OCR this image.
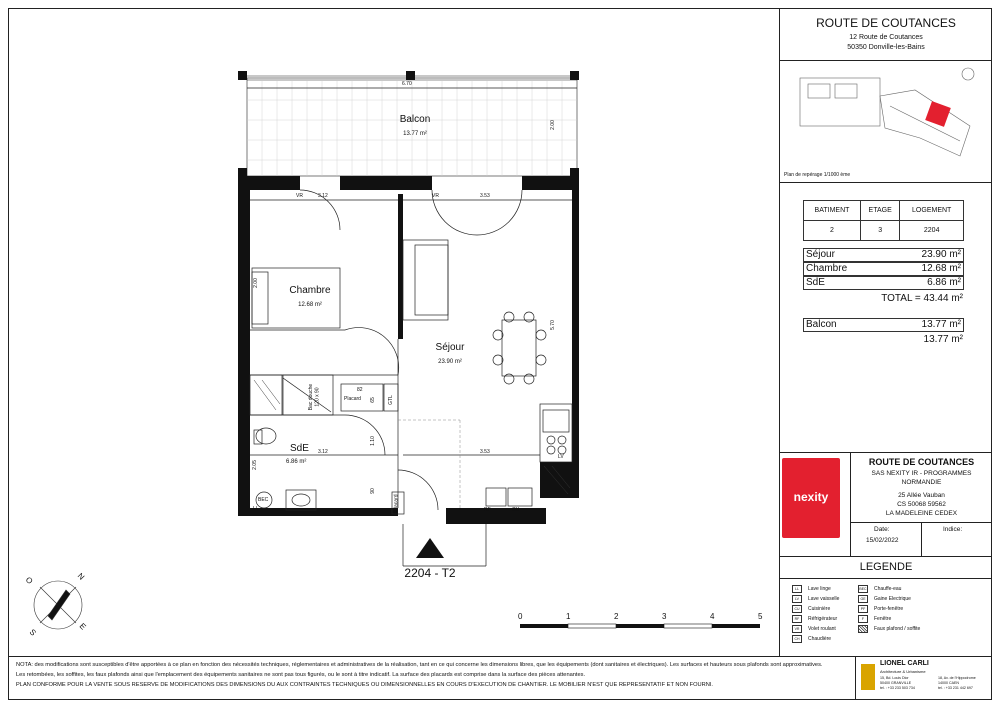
6.70
2.00
Balcon
13.77 m²
PF 1m x 2.2m	PF 2m x 2.2m
VR	VR
3.12	3.53
Chambre
12.68 m²
Séjour
23.90 m²
5.70
Placard
82
65 GTL
Bac douche 120 x 90
3.12	3.53
1.10
2.05
2.00
SdE
6.86 m²
90
Placard
LV
RF	CU
BEC
LL
2204 - T2
0	1	2	3	4	5
N
E
S
O
ROUTE DE COUTANCES
12 Route de Coutances
50350 Donville-les-Bains
Plan de repérage 1/1000 ème
BATIMENT	ETAGE	LOGEMENT
2	3	2204
Séjour	23.90 m²
Chambre	12.68 m²
SdE	6.86 m²
TOTAL = 43.44 m²
Balcon	13.77 m²
13.77 m²
nexity
ROUTE DE COUTANCES
SAS NEXITY IR - PROGRAMMES
NORMANDIE
25 Allée Vauban
CS 50068 59562
LA MADELEINE CEDEX
Date:
15/02/2022
Indice:
LEGENDE
LL	Lave linge
LV	Lave vaisselle
CU	Cuisinière
RF	Réfrigérateur
VR	Volet roulant
CH	Chaudière
BEC Chauffe-eau
GE	Gaine Electrique
PF	Porte-fenêtre
F	Fenêtre
Faux plafond / soffite
NOTA: des modifications sont susceptibles d'être apportées à ce plan en fonction des nécessités techniques, réglementaires et administratives de la réalisation, tant en ce qui concerne les dimensions libres, que les équipements (dont sanitaires et électriques). Les surfaces et hauteurs sous plafonds sont approximatives.
Les retombées, les soffites, les faux plafonds ainsi que l'emplacement des équipements sanitaires ne sont pas tous figurés, ou le sont à titre indicatif. La surface des placards est comprise dans la surface des pièces attenantes.
PLAN CONFORME POUR LA VENTE SOUS RESERVE DE MODIFICATIONS DES DIMENSIONS DU AUX CONTRAINTES TECHNIQUES OU DIMENSIONNELLES EN COURS D'EXECUTION DE CHANTIER. LE MOBILIER N'EST QUE REPRESENTATIF ET NON FOURNI.
LIONEL CARLI
Architecture & Urbanisme
15, Bd. Louis Dior
50400 GRANVILLE
tel. : +33 233 503 734
18, Av. de l'Hippodrome
14000 CAEN
tel. : +33 231 442 697
